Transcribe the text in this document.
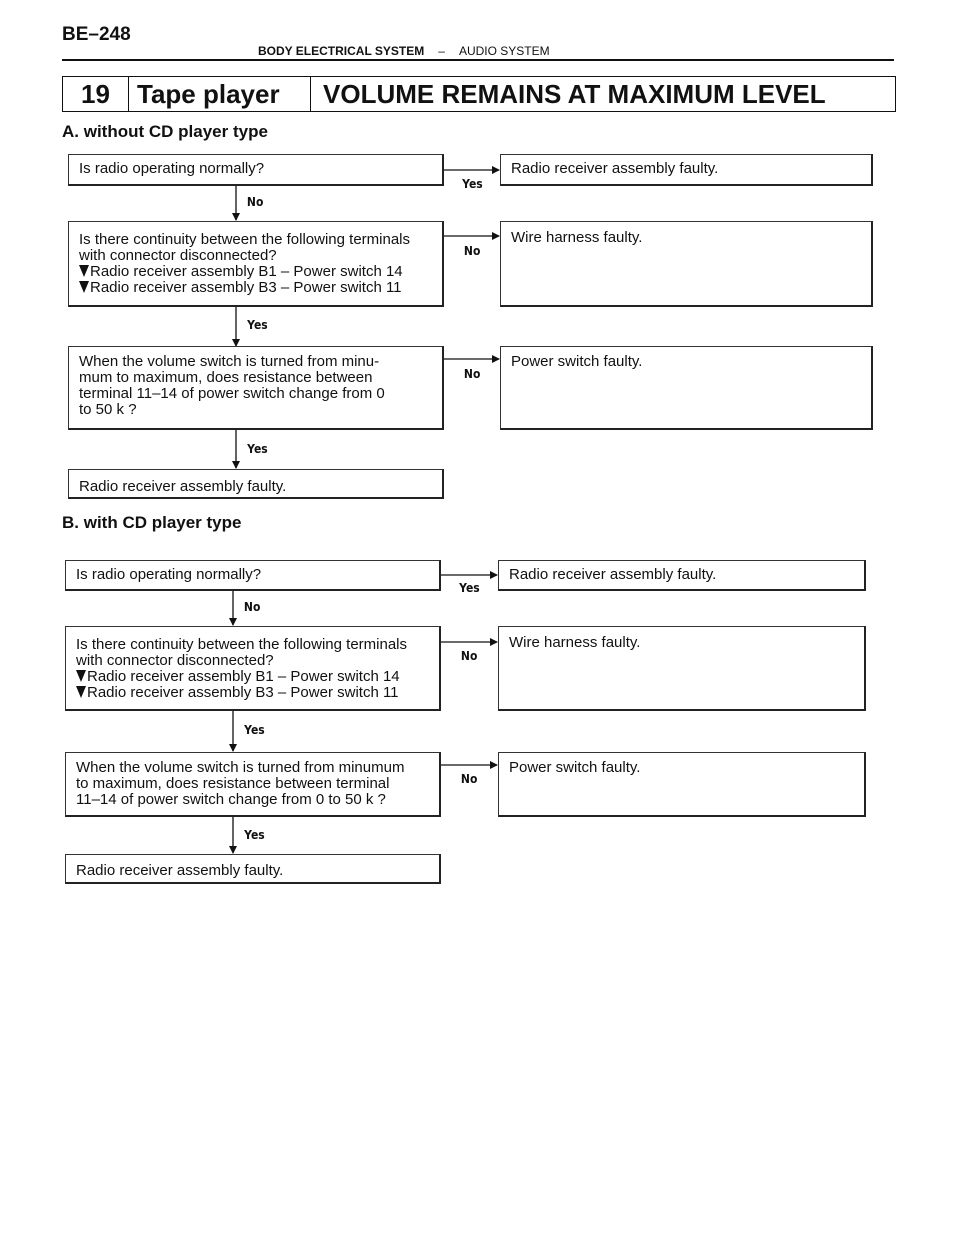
BE–248
BODY ELECTRICAL SYSTEM – AUDIO SYSTEM
19	Tape player	VOLUME REMAINS AT MAXIMUM LEVEL
A. without CD player type
Is radio operating normally?	Radio receiver assembly faulty.
Yes
No
Is there continuity between the following terminals
with connector disconnected?
Radio receiver assembly B1 – Power switch 14
Radio receiver assembly B3 – Power switch 11
Wire harness faulty.
No
Yes
When the volume switch is turned from minu-
mum to maximum, does resistance between
terminal 11–14 of power switch change from 0
to 50 k ?
Power switch faulty.
No
Yes
Radio receiver assembly faulty.
B. with CD player type
Is radio operating normally?	Radio receiver assembly faulty.
Yes
No
Is there continuity between the following terminals
with connector disconnected?
Radio receiver assembly B1 – Power switch 14
Radio receiver assembly B3 – Power switch 11
Wire harness faulty.
No
Yes
When the volume switch is turned from minumum
to maximum, does resistance between terminal
11–14 of power switch change from 0 to 50 k ?
Power switch faulty.
No
Yes
Radio receiver assembly faulty.
